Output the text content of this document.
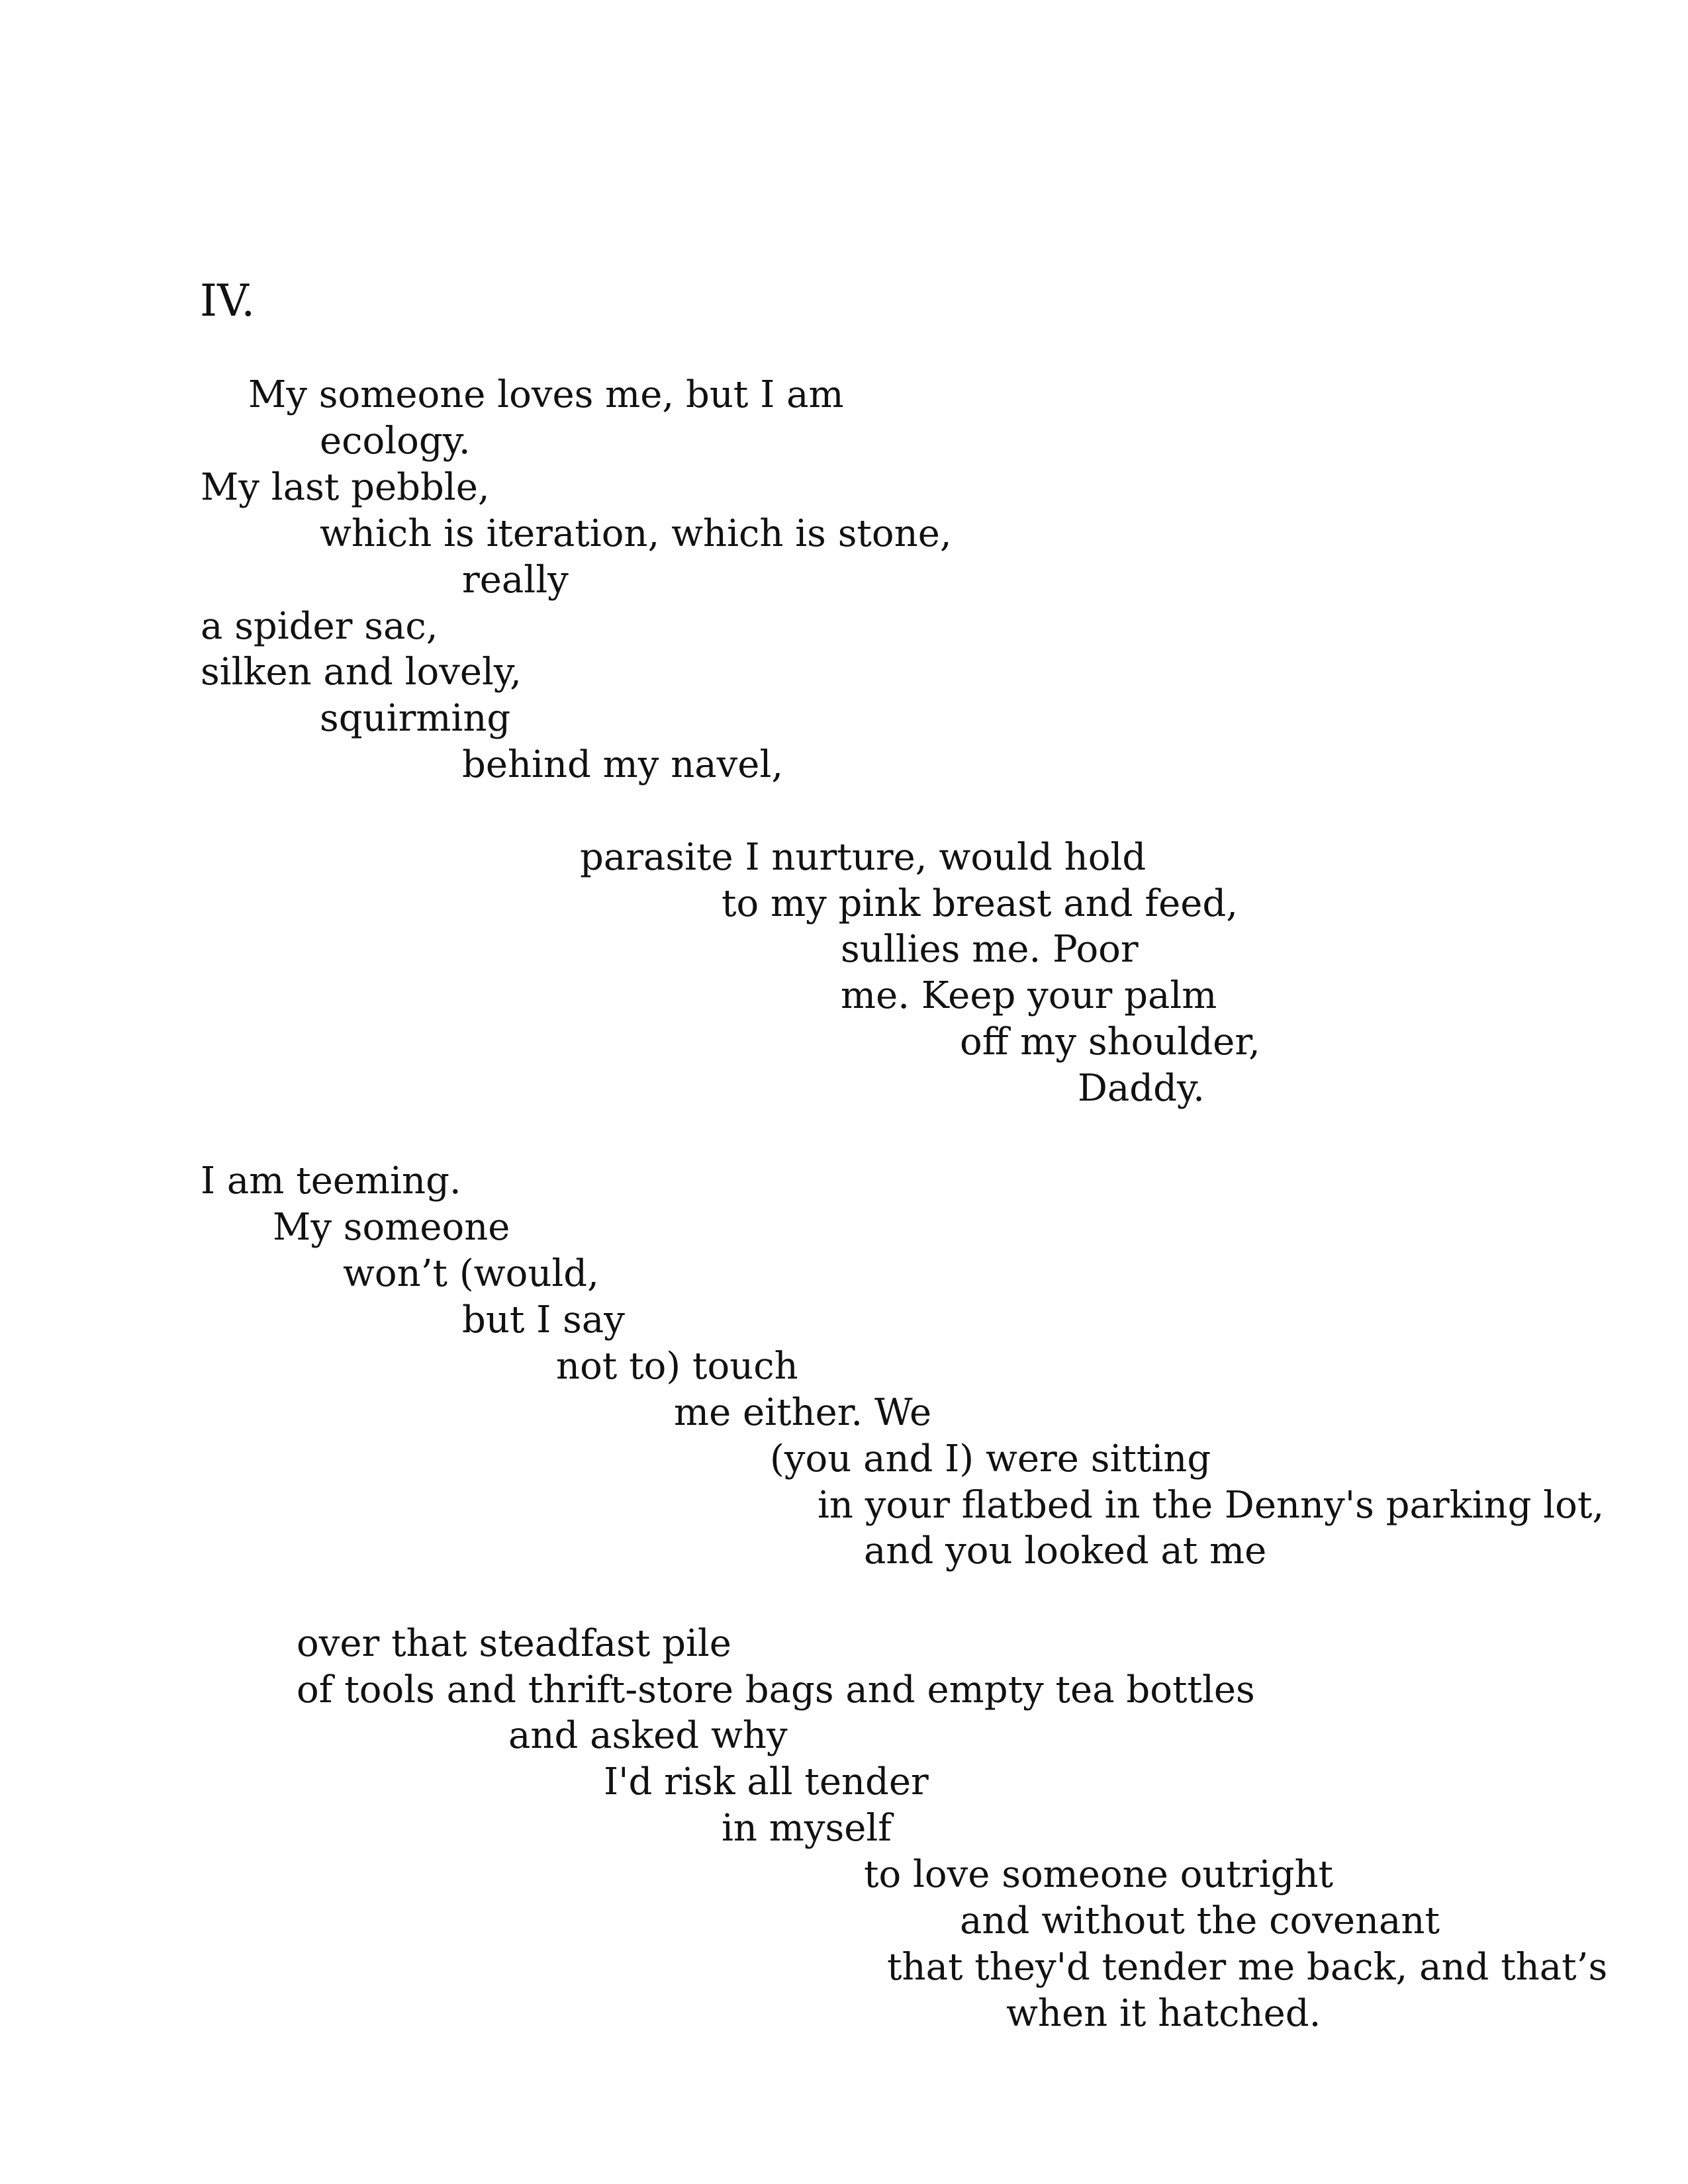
IV.

My someone loves me, but I am

ecology.

My last pebble,

which is iteration, which is stone,

really

a spider sac,

silken and lovely,

squirming

behind my navel,

parasite I nurture, would hold

to my pink breast and feed,

sullies me. Poor

me. Keep your palm

off my shoulder,

Daddy.

I am teeming.

My someone

won’t (would,

but I say

not to) touch

me either. We

(you and I) were sitting

in your flatbed in the Denny's parking lot,

and you looked at me

over that steadfast pile

of tools and thrift-store bags and empty tea bottles

and asked why

I'd risk all tender

in myself

to love someone outright

and without the covenant

that they'd tender me back, and that’s

when it hatched.
